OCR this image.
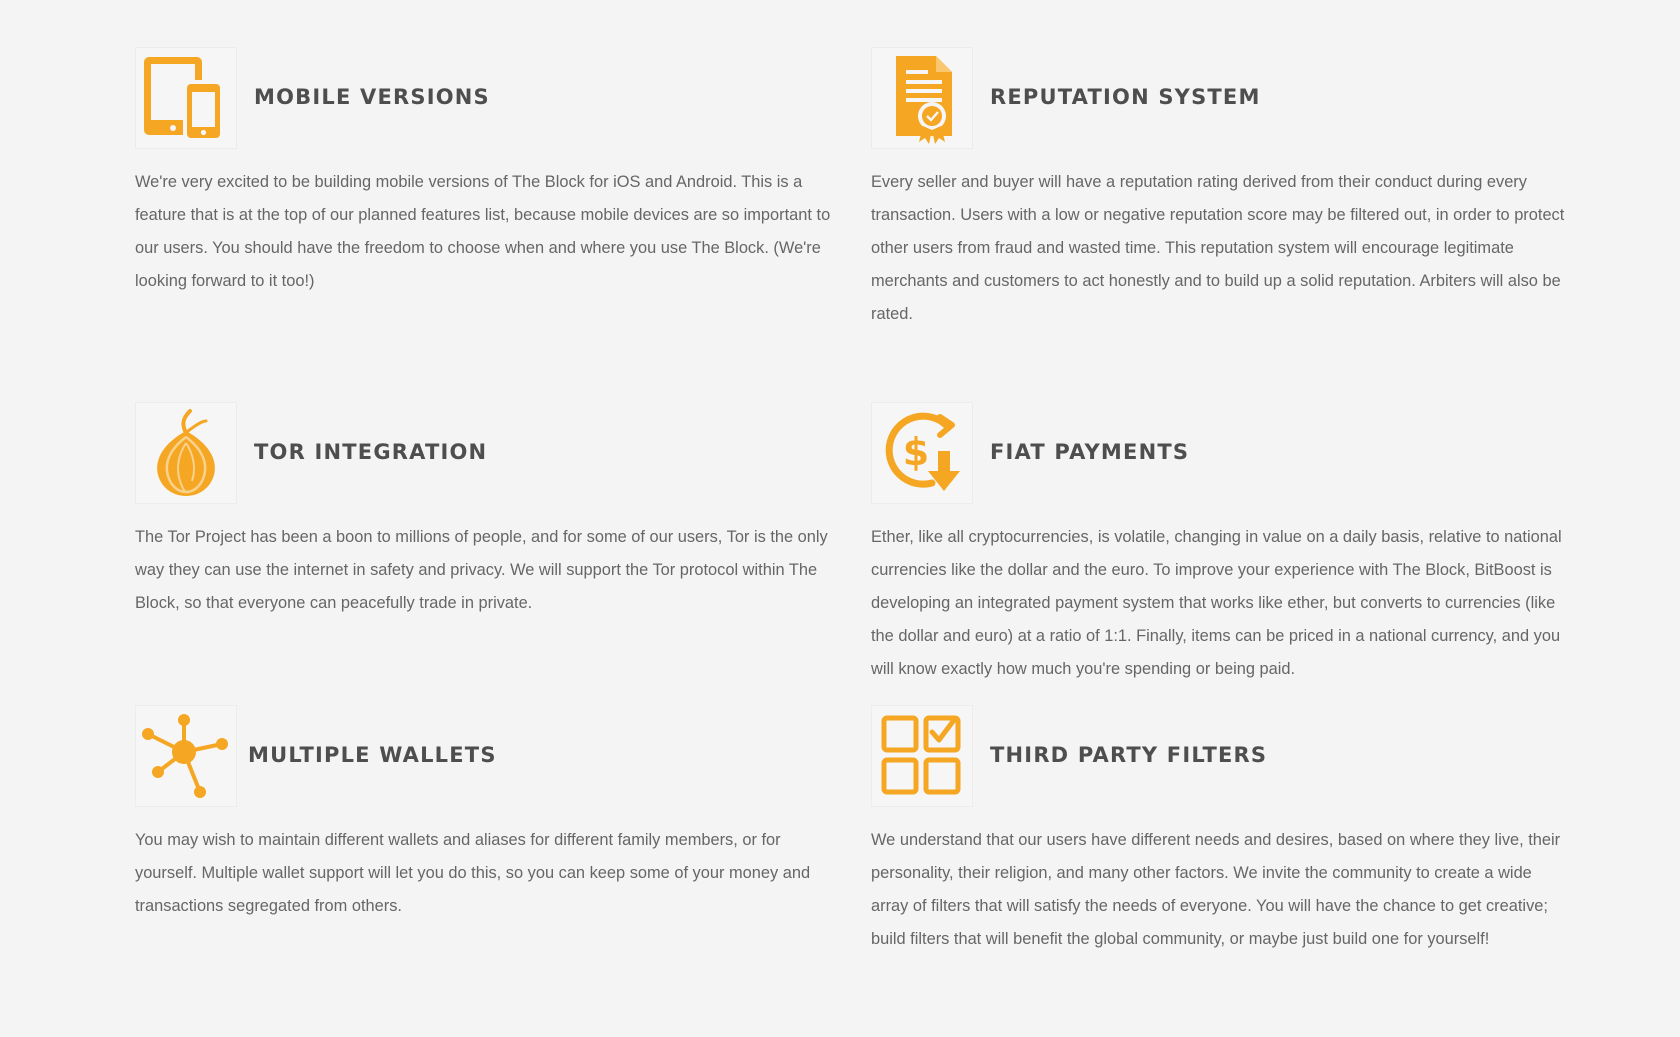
MOBILE VERSIONS

We're very excited to be building mobile versions of The Block for iOS and Android. This is a feature that is at the top of our planned features list, because mobile devices are so important to our users. You should have the freedom to choose when and where you use The Block. (We're looking forward to it too!)

REPUTATION SYSTEM

Every seller and buyer will have a reputation rating derived from their conduct during every transaction. Users with a low or negative reputation score may be filtered out, in order to protect other users from fraud and wasted time. This reputation system will encourage legitimate merchants and customers to act honestly and to build up a solid reputation. Arbiters will also be rated.

TOR INTEGRATION

The Tor Project has been a boon to millions of people, and for some of our users, Tor is the only way they can use the internet in safety and privacy. We will support the Tor protocol within The Block, so that everyone can peacefully trade in private.

$	FIAT PAYMENTS

Ether, like all cryptocurrencies, is volatile, changing in value on a daily basis, relative to national currencies like the dollar and the euro. To improve your experience with The Block, BitBoost is developing an integrated payment system that works like ether, but converts to currencies (like the dollar and euro) at a ratio of 1:1. Finally, items can be priced in a national currency, and you will know exactly how much you're spending or being paid.

MULTIPLE WALLETS

You may wish to maintain different wallets and aliases for different family members, or for yourself. Multiple wallet support will let you do this, so you can keep some of your money and transactions segregated from others.

THIRD PARTY FILTERS

We understand that our users have different needs and desires, based on where they live, their personality, their religion, and many other factors. We invite the community to create a wide array of filters that will satisfy the needs of everyone. You will have the chance to get creative; build filters that will benefit the global community, or maybe just build one for yourself!
